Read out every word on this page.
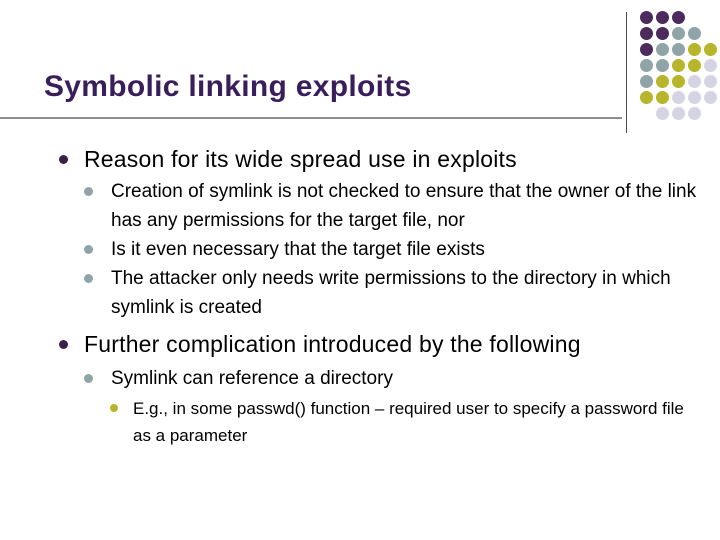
Symbolic linking exploits
Reason for its wide spread use in exploits
Creation of symlink is not checked to ensure that the owner of the link has any permissions for the target file, nor
Is it even necessary that the target file exists
The attacker only needs write permissions to the directory in which symlink is created
Further complication introduced by the following
Symlink can reference a directory
E.g., in some passwd() function – required user to specify a password file as a parameter
